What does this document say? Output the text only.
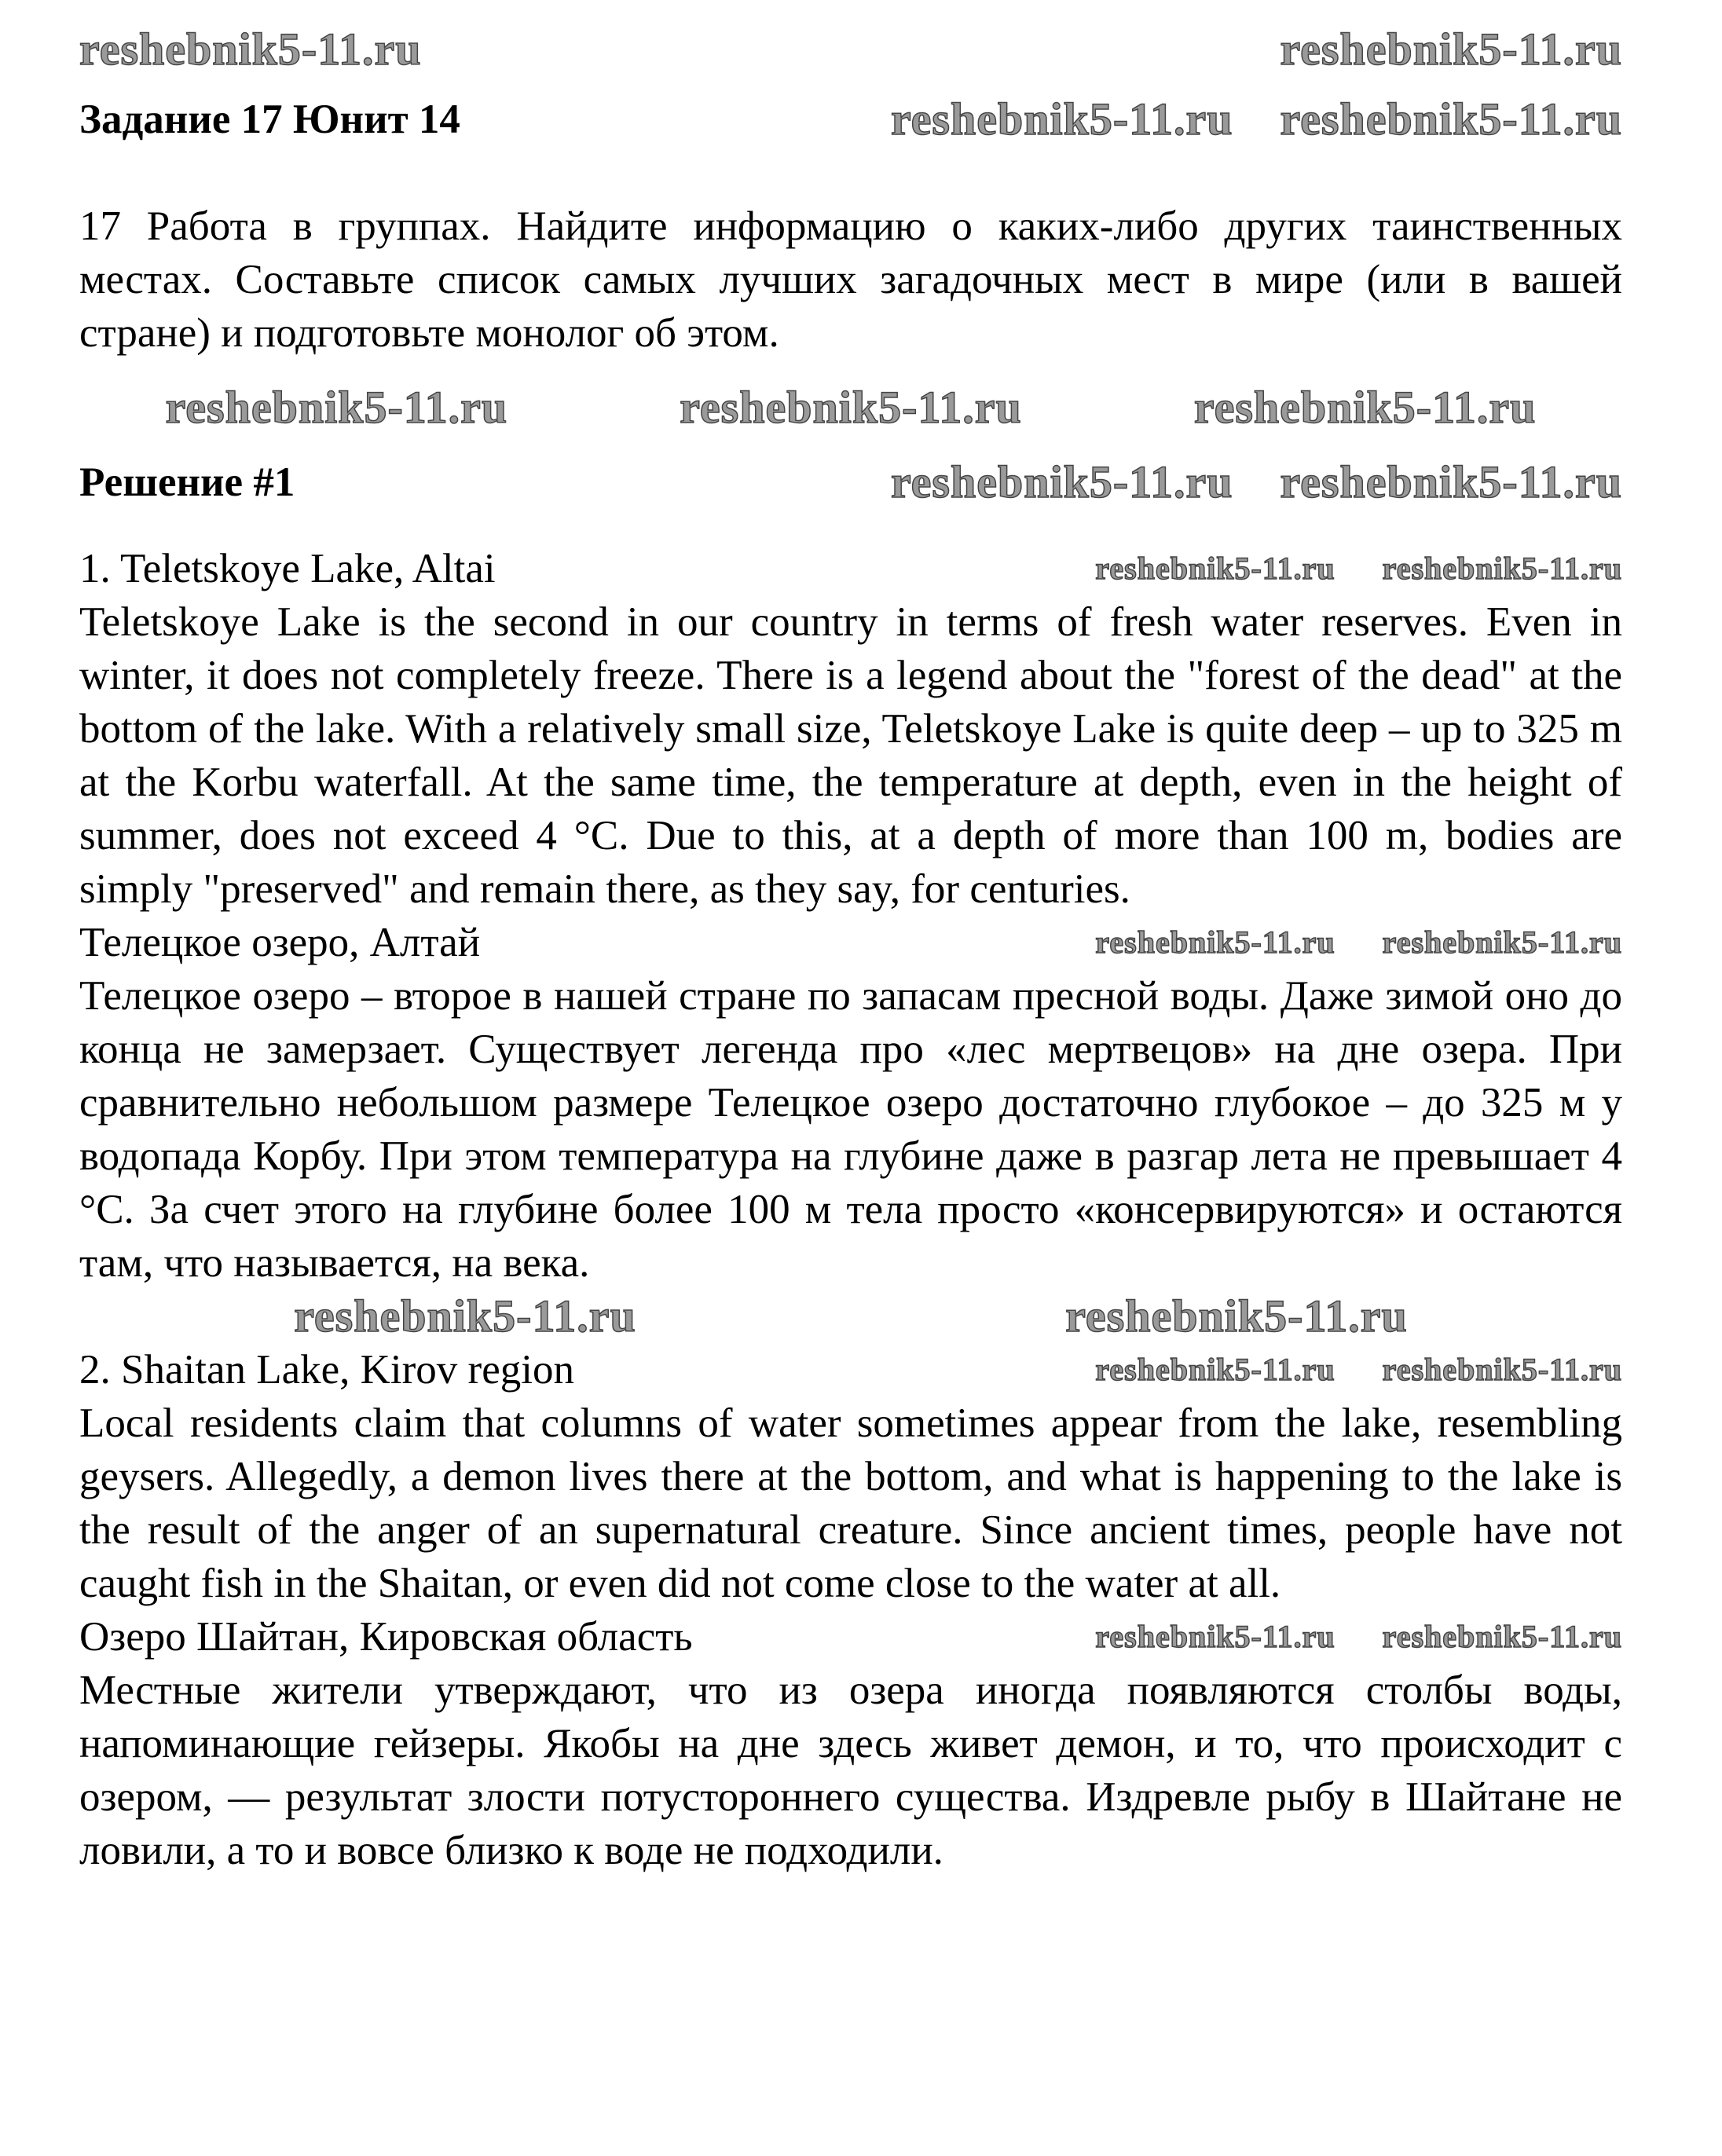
reshebnik5-11.ru	reshebnik5-11.ru
Задание 17 Юнит 14	reshebnik5-11.ru reshebnik5-11.ru

17 Работа в группах. Найдите информацию о каких-либо других таинственных местах. Составьте список самых лучших загадочных мест в мире (или в вашей стране) и подготовьте монолог об этом.

reshebnik5-11.ru	reshebnik5-11.ru	reshebnik5-11.ru
Решение #1	reshebnik5-11.ru reshebnik5-11.ru

1. Teletskoye Lake, Altai	reshebnik5-11.ru reshebnik5-11.ru

Teletskoye Lake is the second in our country in terms of fresh water reserves. Even in winter, it does not completely freeze. There is a legend about the "forest of the dead" at the bottom of the lake. With a relatively small size, Teletskoye Lake is quite deep – up to 325 m at the Korbu waterfall. At the same time, the temperature at depth, even in the height of summer, does not exceed 4 °C. Due to this, at a depth of more than 100 m, bodies are simply "preserved" and remain there, as they say, for centuries.

Телецкое озеро, Алтай	reshebnik5-11.ru reshebnik5-11.ru

Телецкое озеро – второе в нашей стране по запасам пресной воды. Даже зимой оно до конца не замерзает. Существует легенда про «лес мертвецов» на дне озера. При сравнительно небольшом размере Телецкое озеро достаточно глубокое – до 325 м у водопада Корбу. При этом температура на глубине даже в разгар лета не превышает 4 °C. За счет этого на глубине более 100 м тела просто «консервируются» и остаются там, что называется, на века.

reshebnik5-11.ru	reshebnik5-11.ru

2. Shaitan Lake, Kirov region	reshebnik5-11.ru reshebnik5-11.ru

Local residents claim that columns of water sometimes appear from the lake, resembling geysers. Allegedly, a demon lives there at the bottom, and what is happening to the lake is the result of the anger of an supernatural creature. Since ancient times, people have not caught fish in the Shaitan, or even did not come close to the water at all.

Озеро Шайтан, Кировская область	reshebnik5-11.ru reshebnik5-11.ru

Местные жители утверждают, что из озера иногда появляются столбы воды, напоминающие гейзеры. Якобы на дне здесь живет демон, и то, что происходит с озером, — результат злости потустороннего существа. Издревле рыбу в Шайтане не ловили, а то и вовсе близко к воде не подходили.
